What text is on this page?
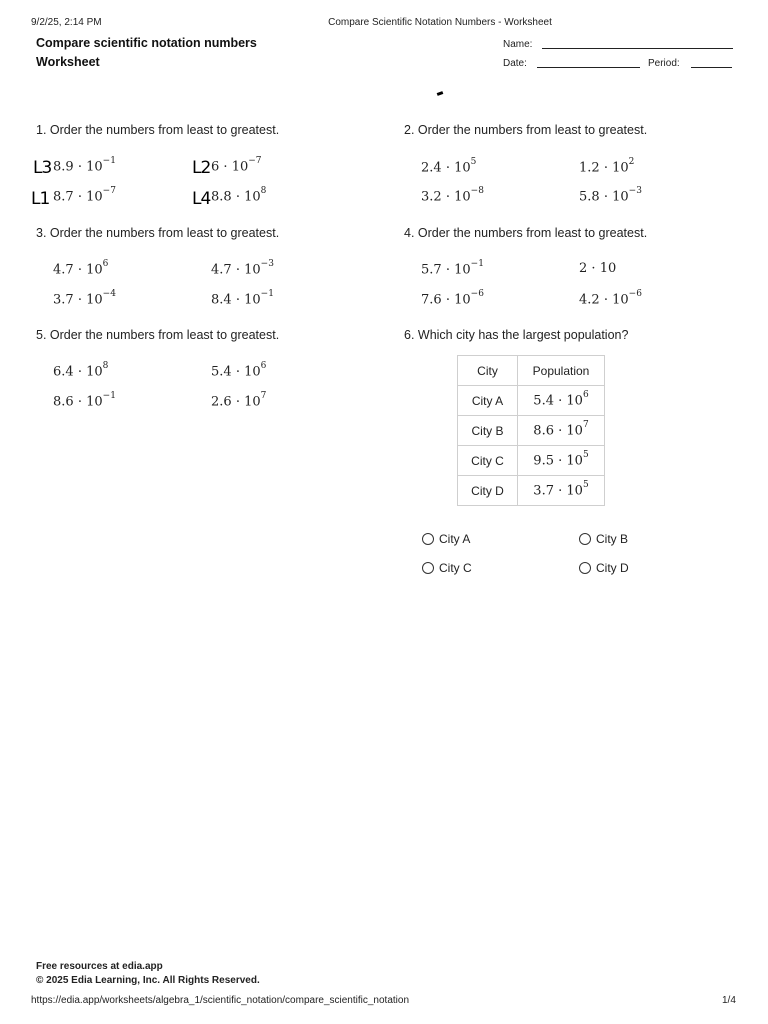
9/2/25, 2:14 PM	Compare Scientific Notation Numbers - Worksheet
Compare scientific notation numbers
Worksheet
Name:
Date:	Period:
1. Order the numbers from least to greatest.
L3 $8.9 \cdot 10^{-1}$	L2 $6 \cdot 10^{-7}$
L1 $8.7 \cdot 10^{-7}$	L4 $8.8 \cdot 10^8$
2. Order the numbers from least to greatest.
$2.4 \cdot 10^5$	$1.2 \cdot 10^2$
$3.2 \cdot 10^{-8}$	$5.8 \cdot 10^{-3}$
3. Order the numbers from least to greatest.
$4.7 \cdot 10^6$	$4.7 \cdot 10^{-3}$
$3.7 \cdot 10^{-4}$	$8.4 \cdot 10^{-1}$
4. Order the numbers from least to greatest.
$5.7 \cdot 10^{-1}$	2 · 10
$7.6 \cdot 10^{-6}$	$4.2 \cdot 10^{-6}$
5. Order the numbers from least to greatest.
$6.4 \cdot 10^8$	$5.4 \cdot 10^6$
$8.6 \cdot 10^{-1}$	$2.6 \cdot 10^7$
6. Which city has the largest population?
City	Population
City A	$5.4 \cdot 10^6$
City B	$8.6 \cdot 10^7$
City C	$9.5 \cdot 10^5$
City D	$3.7 \cdot 10^5$
City A	City B
City C	City D
Free resources at edia.app
© 2025 Edia Learning, Inc. All Rights Reserved.
https://edia.app/worksheets/algebra_1/scientific_notation/compare_scientific_notation	1/4
